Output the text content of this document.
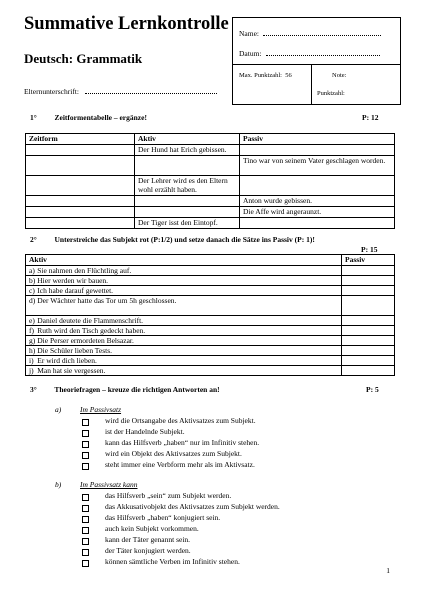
Summative Lernkontrolle
Deutsch: Grammatik
Elternunterschrift:
Name:
Datum:
Max. Punktzahl: 56	Note:
Punktzahl:
1° Zeitformentabelle – ergänze!	P: 12
Zeitform	Aktiv	Passiv
	Der Hund hat Erich gebissen.	
		Tino war von seinem Vater geschlagen worden.
	Der Lehrer wird es den Eltern wohl erzählt haben.	
		Anton wurde gebissen.
		Die Affe wird angeraunzt.
	Der Tiger isst den Eintopf.	
2° Unterstreiche das Subjekt rot (P:1/2) und setze danach die Sätze ins Passiv (P: 1)!
P: 15
Aktiv		Passiv
a)	Sie nahmen den Flüchtling auf.	
b)	Hier werden wir bauen.	
c)	Ich habe darauf gewettet.	
d)	Der Wächter hatte das Tor um 5h geschlossen.	
e)	Daniel deutete die Flammenschrift.	
f)	Ruth wird den Tisch gedeckt haben.	
g)	Die Perser ermordeten Belsazar.	
h)	Die Schüler lieben Tests.	
i)	Er wird dich lieben.	
j)	Man hat sie vergessen.	
3° Theoriefragen – kreuze die richtigen Antworten an!	P: 5
a)	Im Passivsatz
wird die Ortsangabe des Aktivsatzes zum Subjekt.
ist der Handelnde Subjekt.
kann das Hilfsverb „haben“ nur im Infinitiv stehen.
wird ein Objekt des Aktivsatzes zum Subjekt.
steht immer eine Verbform mehr als im Aktivsatz.
b)	Im Passivsatz kann
das Hilfsverb „sein“ zum Subjekt werden.
das Akkusativobjekt des Aktivsatzes zum Subjekt werden.
das Hilfsverb „haben“ konjugiert sein.
auch kein Subjekt vorkommen.
kann der Täter genannt sein.
der Täter konjugiert werden.
können sämtliche Verben im Infinitiv stehen.
1
